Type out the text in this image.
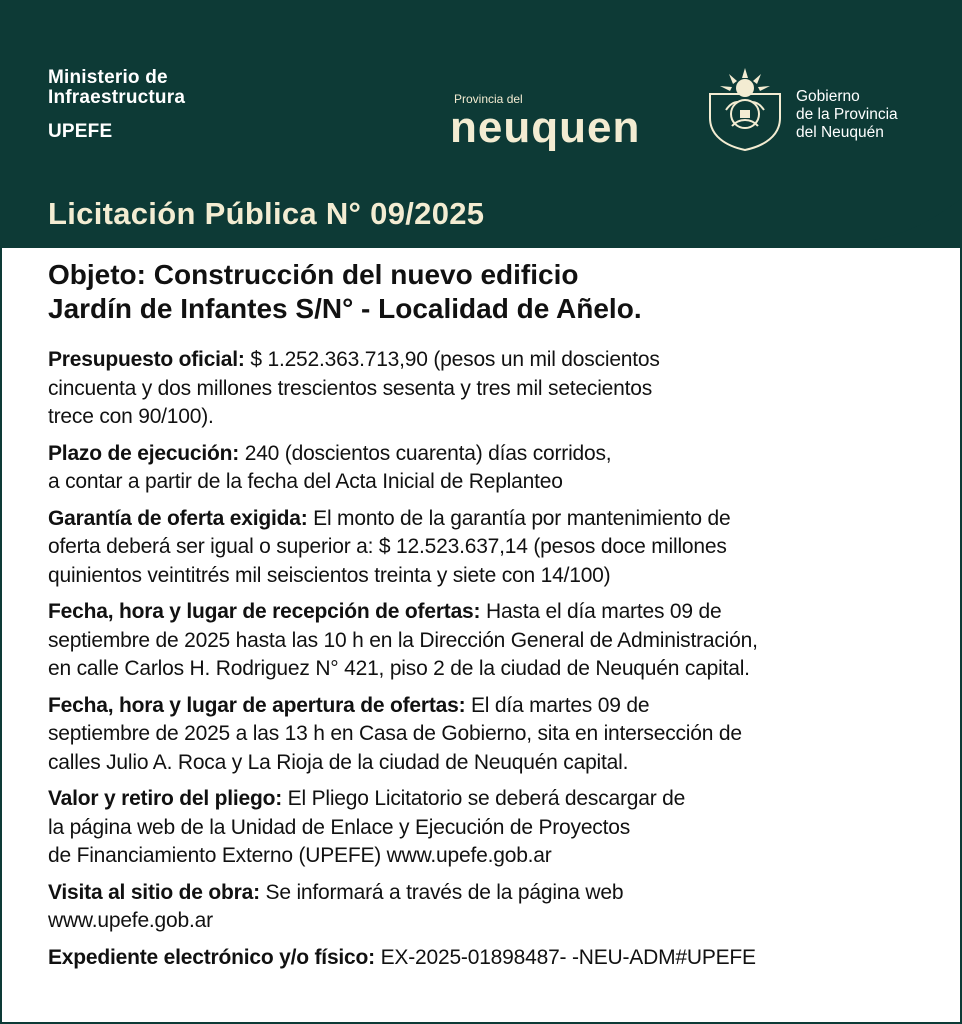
Ministerio de
Infraestructura
UPEFE
Provincia del
neuquen
Gobierno
de la Provincia
del Neuquén
Licitación Pública N° 09/2025
Objeto: Construcción del nuevo edificio
Jardín de Infantes S/N° - Localidad de Añelo.
Presupuesto oficial: $ 1.252.363.713,90 (pesos un mil doscientos
cincuenta y dos millones trescientos sesenta y tres mil setecientos
trece con 90/100).
Plazo de ejecución: 240 (doscientos cuarenta) días corridos,
a contar a partir de la fecha del Acta Inicial de Replanteo
Garantía de oferta exigida: El monto de la garantía por mantenimiento de
oferta deberá ser igual o superior a: $ 12.523.637,14 (pesos doce millones
quinientos veintitrés mil seiscientos treinta y siete con 14/100)
Fecha, hora y lugar de recepción de ofertas: Hasta el día martes 09 de
septiembre de 2025 hasta las 10 h en la Dirección General de Administración,
en calle Carlos H. Rodriguez N° 421, piso 2 de la ciudad de Neuquén capital.
Fecha, hora y lugar de apertura de ofertas: El día martes 09 de
septiembre de 2025 a las 13 h en Casa de Gobierno, sita en intersección de
calles Julio A. Roca y La Rioja de la ciudad de Neuquén capital.
Valor y retiro del pliego: El Pliego Licitatorio se deberá descargar de
la página web de la Unidad de Enlace y Ejecución de Proyectos
de Financiamiento Externo (UPEFE) www.upefe.gob.ar
Visita al sitio de obra: Se informará a través de la página web
www.upefe.gob.ar
Expediente electrónico y/o físico: EX-2025-01898487- -NEU-ADM#UPEFE
